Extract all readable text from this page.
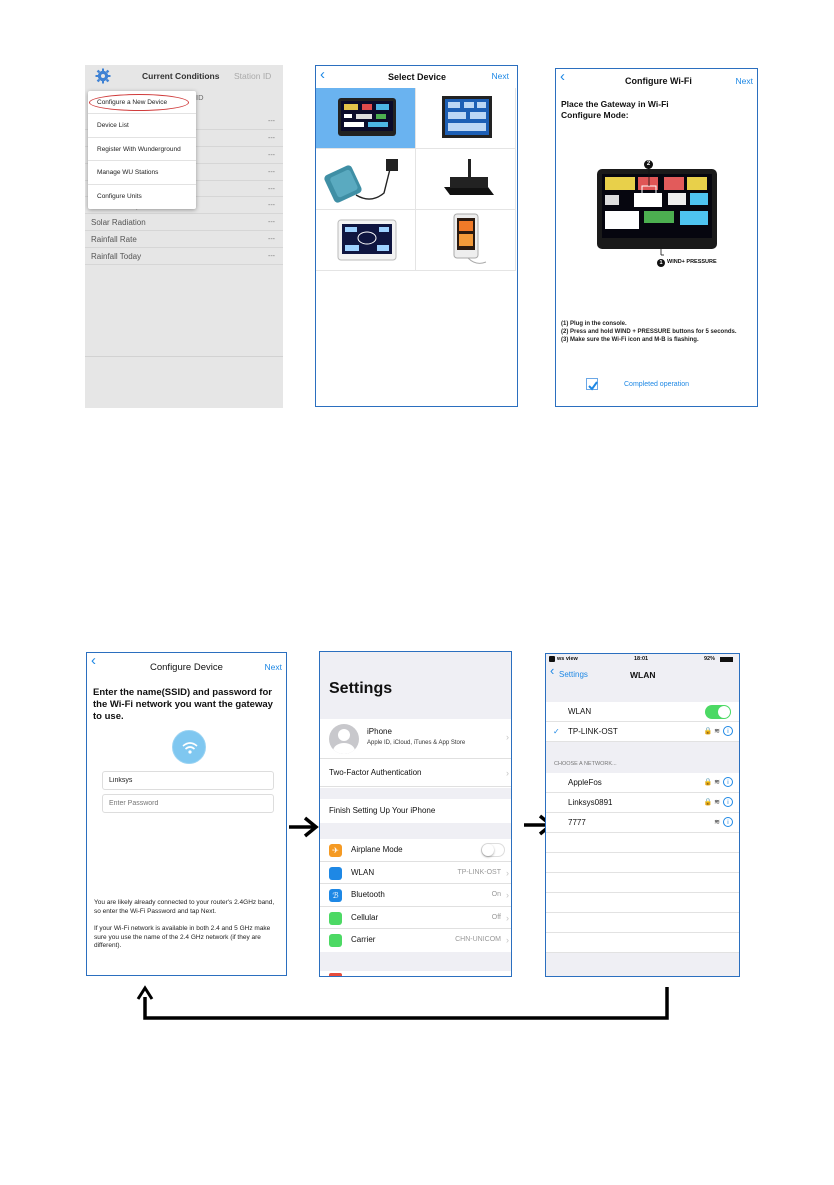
Current Conditions Station ID
ID
---
---
---
---
---
---
Solar Radiation	---
Rainfall Rate	---
Rainfall Today	---
Configure a New Device
Device List
Register With Wunderground
Manage WU Stations
Configure Units
‹	Select Device	Next	‹	Configure Wi-Fi	Next
Place the Gateway in Wi-Fi Configure Mode:
2
1 WIND+ PRESSURE
(1) Plug in the console.
(2) Press and hold WIND + PRESSURE buttons for 5 seconds.
(3) Make sure the Wi-Fi icon and M-B is flashing.
Completed operation
‹	Configure Device	Next
Enter the name(SSID) and password for the Wi-Fi network you want the gateway to use.
Linksys
Enter Password
You are likely already connected to your router's 2.4GHz band, so enter the Wi-Fi Password and tap Next.
If your Wi-Fi network is available in both 2.4 and 5 GHz make sure you use the name of the 2.4 GHz network (if they are different).
Settings
iPhone
Apple ID, iCloud, iTunes & App Store
›
Two-Factor Authentication	›
Finish Setting Up Your iPhone
✈	Airplane Mode
WLAN	TP-LINK-OST ›
ℬ	Bluetooth	On ›
Cellular	Off ›
Carrier	CHN-UNICOM ›
ws view	18:01	92%
‹ Settings	WLAN
WLAN
✓ TP-LINK-OST	🔒 ≋ i
CHOOSE A NETWORK...
AppleFos	🔒 ≋ i
Linksys0891	🔒 ≋ i
7777	≋ i
